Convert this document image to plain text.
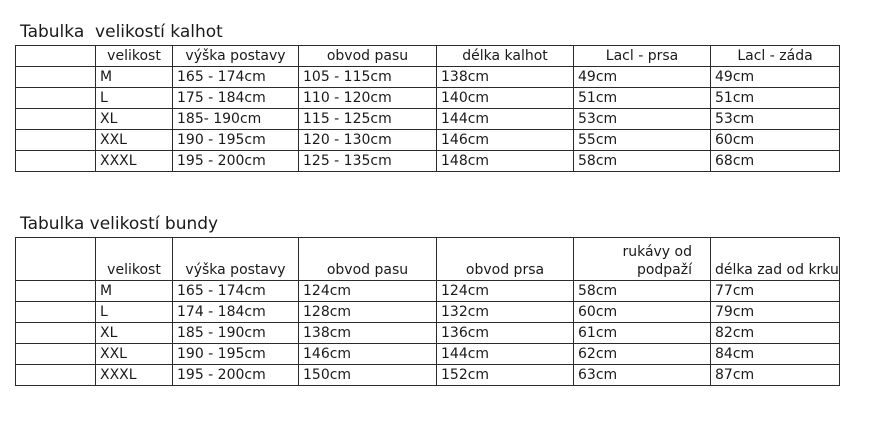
Tabulka  velikostí kalhot
	velikost	výška postavy	obvod pasu	délka kalhot	Lacl - prsa	Lacl - záda
	M	165 - 174cm	105 - 115cm	138cm	49cm	49cm
	L	175 - 184cm	110 - 120cm	140cm	51cm	51cm
	XL	185- 190cm	115 - 125cm	144cm	53cm	53cm
	XXL	190 - 195cm	120 - 130cm	146cm	55cm	60cm
	XXXL	195 - 200cm	125 - 135cm	148cm	58cm	68cm
Tabulka velikostí bundy
	velikost	výška postavy	obvod pasu	obvod prsa	rukávy od podpaží	délka zad od krku
	M	165 - 174cm	124cm	124cm	58cm	77cm
	L	174 - 184cm	128cm	132cm	60cm	79cm
	XL	185 - 190cm	138cm	136cm	61cm	82cm
	XXL	190 - 195cm	146cm	144cm	62cm	84cm
	XXXL	195 - 200cm	150cm	152cm	63cm	87cm
